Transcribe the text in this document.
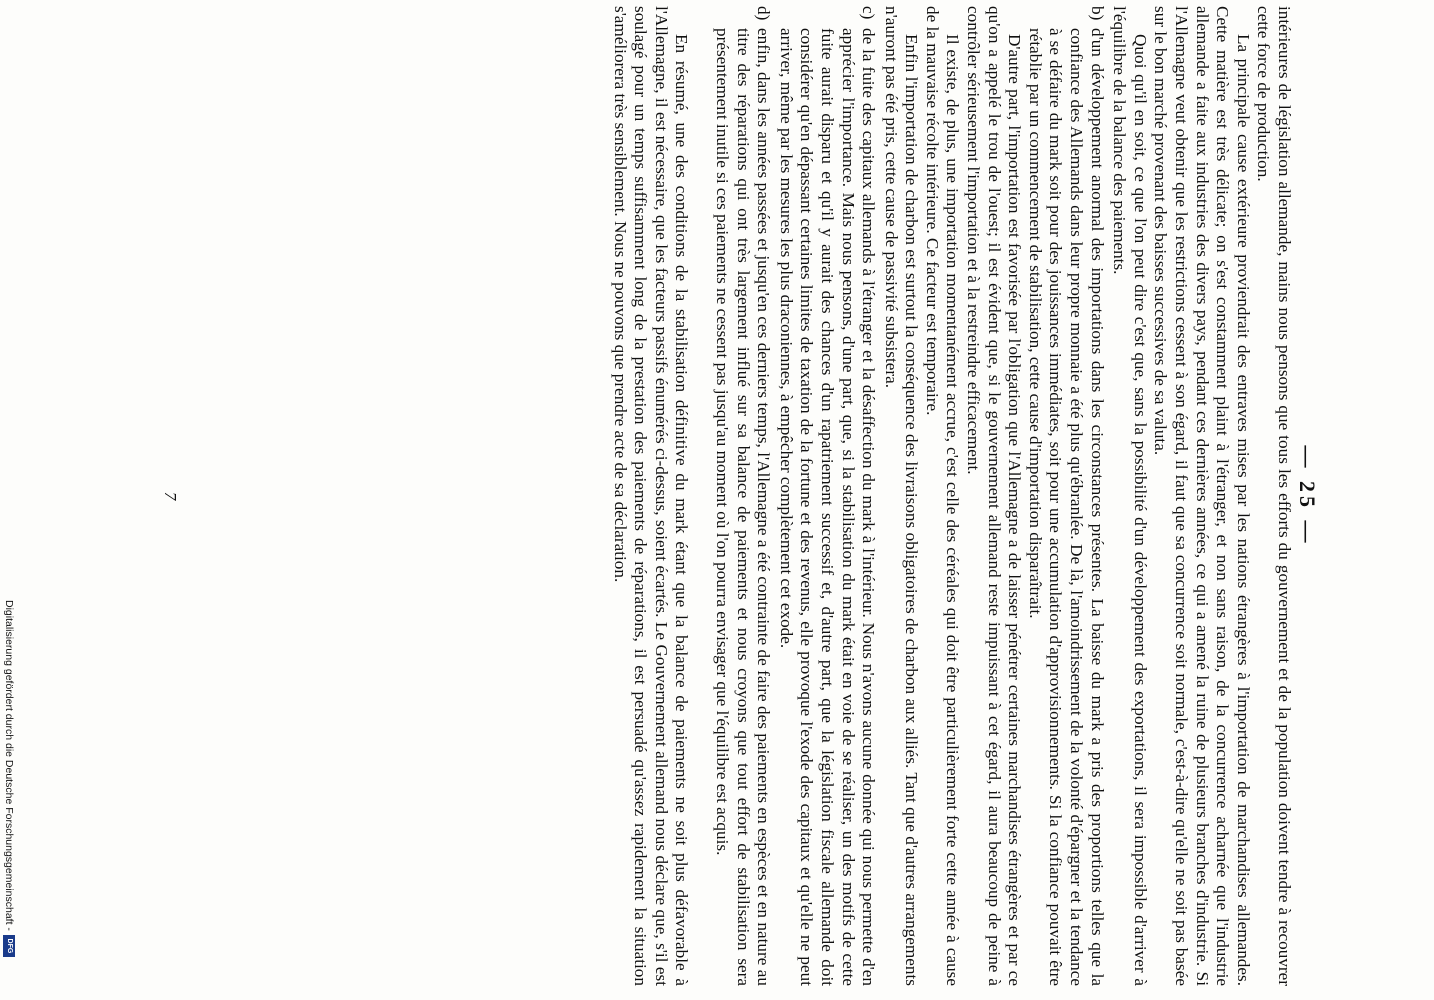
— 25 —

intérieures de législation allemande, mains nous pensons que tous les efforts du gouvernement et de la population doivent tendre à recouvrer cette force de production.

La principale cause extérieure proviendrait des entraves mises par les nations étrangères à l'importation de marchandises allemandes. Cette matière est très délicate; on s'est constamment plaint à l'étranger, et non sans raison, de la concurrence acharnée que l'industrie allemande a faite aux industries des divers pays, pendant ces dernières années, ce qui a amené la ruine de plusieurs branches d'industrie. Si l'Allemagne veut obtenir que les restrictions cessent à son égard, il faut que sa concurrence soit normale, c'est-à-dire qu'elle ne soit pas basée sur le bon marché provenant des baisses successives de sa valuta.

Quoi qu'il en soit, ce que l'on peut dire c'est que, sans la possibilité d'un développement des exportations, il sera impossible d'arriver à l'équilibre de la balance des paiements.

b)
d'un développement anormal des importations dans les circonstances présentes. La baisse du mark a pris des proportions telles que la confiance des Allemands dans leur propre monnaie a été plus qu'ébranlée. De là, l'amoindrissement de la volonté d'épargner et la tendance à se défaire du mark soit pour des jouissances immédiates, soit pour une accumulation d'approvisionnements. Si la confiance pouvait être rétablie par un commencement de stabilisation, cette cause d'importation disparaîtrait.

D'autre part, l'importation est favorisée par l'obligation que l'Allemagne a de laisser pénétrer certaines marchandises étrangères et par ce qu'on a appelé le trou de l'ouest; il est évident que, si le gouvernement allemand reste impuissant à cet égard, il aura beaucoup de peine à contrôler sérieusement l'importation et à la restreindre efficacement.

Il existe, de plus, une importation momentanément accrue, c'est celle des céréales qui doit être particulièrement forte cette année à cause de la mauvaise récolte intérieure. Ce facteur est temporaire.

Enfin l'importation de charbon est surtout la conséquence des livraisons obligatoires de charbon aux alliés. Tant que d'autres arrangements n'auront pas été pris, cette cause de passivité subsistera.

c)
de la fuite des capitaux allemands à l'étranger et la désaffection du mark à l'intérieur. Nous n'avons aucune donnée qui nous permette d'en apprécier l'importance. Mais nous pensons, d'une part, que, si la stabilisation du mark était en voie de se réaliser, un des motifs de cette fuite aurait disparu et qu'il y aurait des chances d'un rapatriement successif et, d'autre part, que la législation fiscale allemande doit considérer qu'en dépassant certaines limites de taxation de la fortune et des revenus, elle provoque l'exode des capitaux et qu'elle ne peut arriver, même par les mesures les plus draconiennes, à empêcher complètement cet exode.
d)
enfin, dans les années passées et jusqu'en ces derniers temps, l'Allemagne a été contrainte de faire des paiements en espèces et en nature au titre des réparations qui ont très largement influé sur sa balance de paiements et nous croyons que tout effort de stabilisation sera présentement inutile si ces paiements ne cessent pas jusqu'au moment où l'on pourra envisager que l'équilibre est acquis.

En résumé, une des conditions de la stabilisation définitive du mark étant que la balance de paiements ne soit plus défavorable à l'Allemagne, il est nécessaire, que les facteurs passifs énumérés ci-dessus, soient écartés. Le Gouvernement allemand nous déclare que, s'il est soulagé pour un temps suffisamment long de la prestation des paiements de réparations, il est persuadé qu'assez rapidement la situation s'améliorera très sensiblement. Nous ne pouvons que prendre acte de sa déclaration.

7
Digitalisierung gefördert durch die Deutsche Forschungsgemeinschaft -
DFG
